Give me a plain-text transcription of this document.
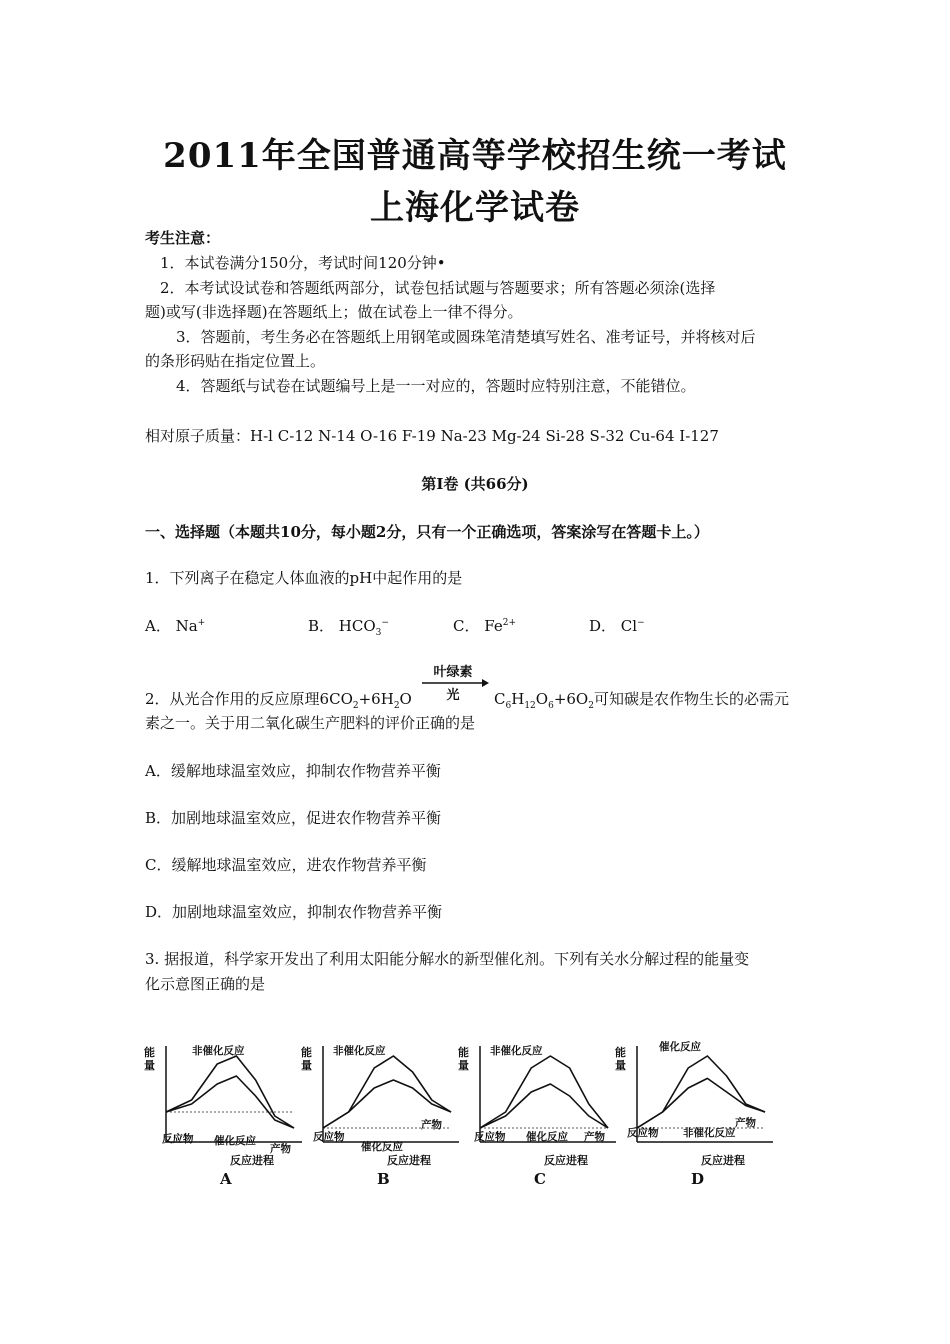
2011年全国普通高等学校招生统一考试
上海化学试卷
考生注意：
1．本试卷满分150分，考试时间120分钟•
2．本考试设试卷和答题纸两部分，试卷包括试题与答题要求；所有答题必须涂(选择
题)或写(非选择题)在答题纸上；做在试卷上一律不得分。
3．答题前，考生务必在答题纸上用钢笔或圆珠笔清楚填写姓名、准考证号，并将核对后
的条形码贴在指定位置上。
4．答题纸与试卷在试题编号上是一一对应的，答题时应特别注意，不能错位。
相对原子质量：H-l C-12 N-14 O-16 F-19 Na-23 Mg-24 Si-28 S-32 Cu-64 I-127
第I卷 (共66分)
一、选择题（本题共10分，每小题2分，只有一个正确选项，答案涂写在答题卡上。）
1．下列离子在稳定人体血液的pH中起作用的是
A． Na+	B． $HCO_3^-$	C． $Fe^{2+}$	D． Cl−
叶绿素
光
2．从光合作用的反应原理$6CO_2+6H_2O$	$C_6H_{12}O_6+6O_2$可知碳是农作物生长的必需元
素之一。关于用二氧化碳生产肥料的评价正确的是
A．缓解地球温室效应，抑制农作物营养平衡
B．加剧地球温室效应，促进农作物营养平衡
C．缓解地球温室效应，进农作物营养平衡
D．加剧地球温室效应，抑制农作物营养平衡
3. 据报道，科学家开发出了利用太阳能分解水的新型催化剂。下列有关水分解过程的能量变
化示意图正确的是
能
量
非催化反应
反应物 催化反应
产物
反应进程
A
能
量
非催化反应
产物
反应物
催化反应
反应进程
B
能
量
非催化反应
反应物 催化反应 产物
反应进程
C
能
量
催化反应
产物
反应物 非催化反应
反应进程
D
